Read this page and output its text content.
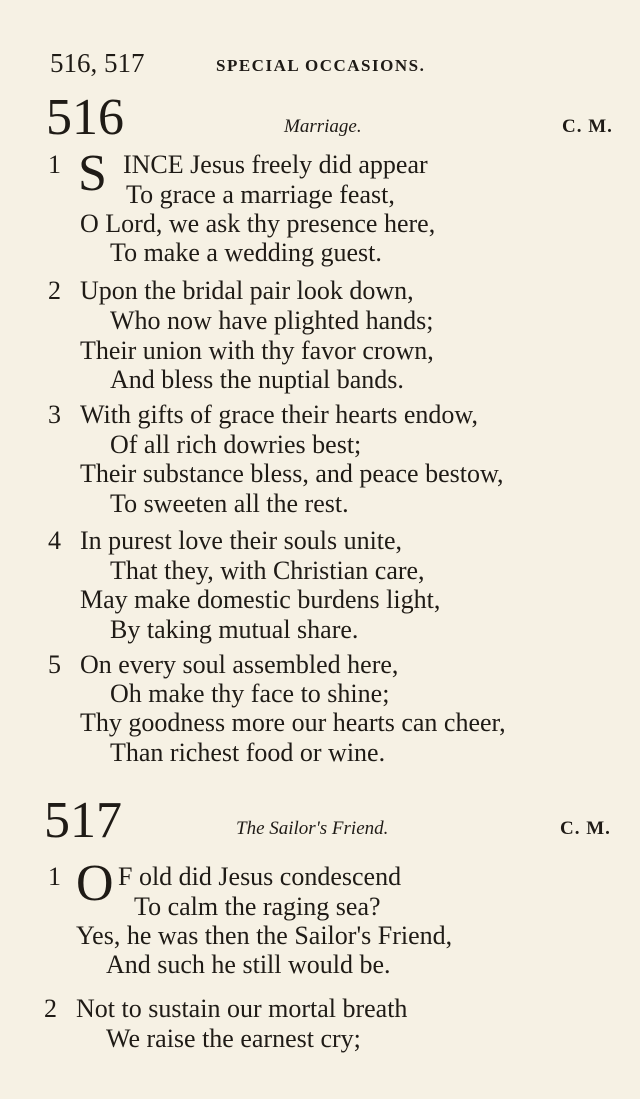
516, 517	SPECIAL OCCASIONS.
516	Marriage.	C. M.
1 S INCE Jesus freely did appear
To grace a marriage feast,
O Lord, we ask thy presence here,
To make a wedding guest.
2 Upon the bridal pair look down,
Who now have plighted hands;
Their union with thy favor crown,
And bless the nuptial bands.
3 With gifts of grace their hearts endow,
Of all rich dowries best;
Their substance bless, and peace bestow,
To sweeten all the rest.
4 In purest love their souls unite,
That they, with Christian care,
May make domestic burdens light,
By taking mutual share.
5 On every soul assembled here,
Oh make thy face to shine;
Thy goodness more our hearts can cheer,
Than richest food or wine.
517	The Sailor's Friend.	C. M.
1 O F old did Jesus condescend
To calm the raging sea?
Yes, he was then the Sailor's Friend,
And such he still would be.
2 Not to sustain our mortal breath
We raise the earnest cry;
